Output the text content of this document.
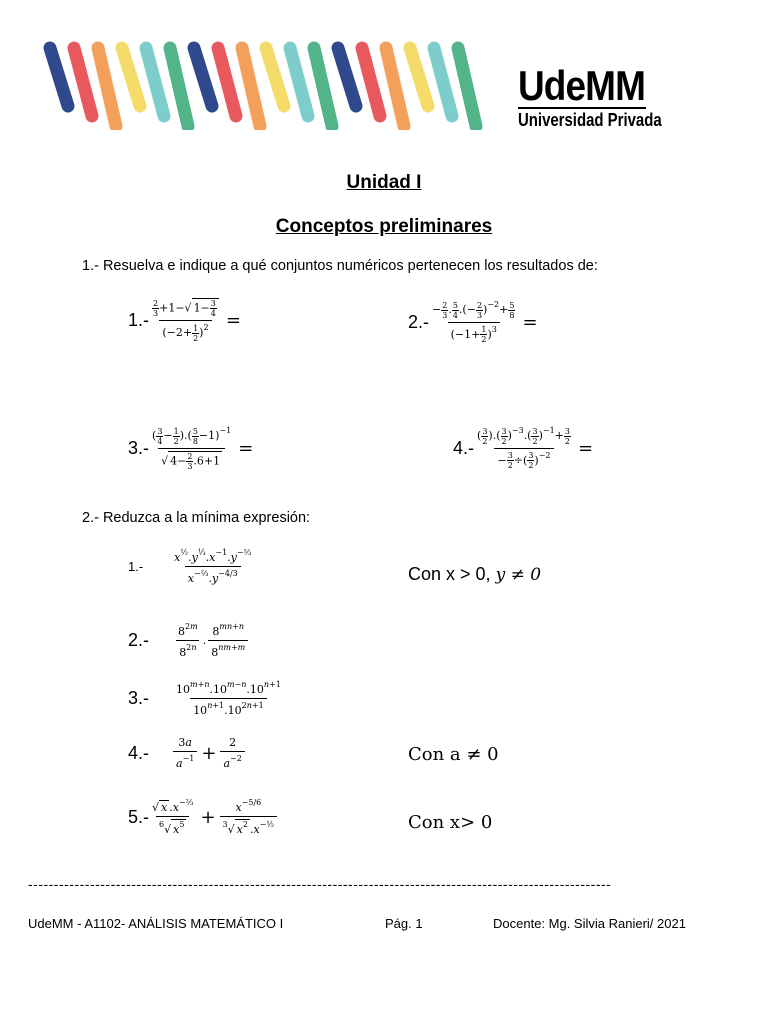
UdeMM
Universidad Privada
Unidad I
Conceptos preliminares
1.- Resuelva e indique a qué conjuntos numéricos pertenecen los resultados de:
$1.- \frac{\frac{2}{3} +1-√ 1- \frac{3}{4}}{(-2+ \frac{1}{2} )^2}$ =	$2.- \frac{- \frac{2}{3} . \frac{5}{4} .(- \frac{2}{3} )^{-2}+ \frac{5}{8}}{(-1+ \frac{1}{2} )^3}$ =
$3.- \frac{( \frac{3}{4} - \frac{1}{2} ).( \frac{5}{8} -1)^{-1}}{√ 4- \frac{2}{3} .6+1}$ =	$4.- \frac{( \frac{3}{2} ).( \frac{3}{2} )^{-3}.( \frac{3}{2} )^{-1}+ \frac{3}{2}}{- \frac{3}{2} \div( \frac{3}{2} )^{-2}}$ =
2.- Reduzca a la mínima expresión:
1.-	$\frac{x^{\frac{1}{2}}.y^{\frac{1}{3}}.x^{-1}.y^{-\frac{2}{3}}}{x^{-\frac{2}{3}}.y^{-4/3}}$	Con x > 0, y ≠ 0
$2.- \frac{8^{2m}}{8^{2n}}$ . $\frac{8^{mn+n}}{8^{nm+m}}$
$3.- \frac{10^{m+n}.10^{m-n}.10^{n+1}}{10^{n+1}.10^{2n+1}}$
$4.- \frac{3a}{a^{-1}} + \frac{2}{a^{-2}}$	Con a ≠ 0
$5.- \frac{√ x .x^{-\frac{2}{3}}}{^6√ x^5} + \frac{x^{-5/6}}{^3√ x^2 .x^{-\frac{1}{2}}}$	Con x> 0
-----------------------------------------------------------------------------------------------------------------
UdeMM - A1102- ANÁLISIS MATEMÁTICO I	Pág. 1	Docente: Mg. Silvia Ranieri/ 2021
